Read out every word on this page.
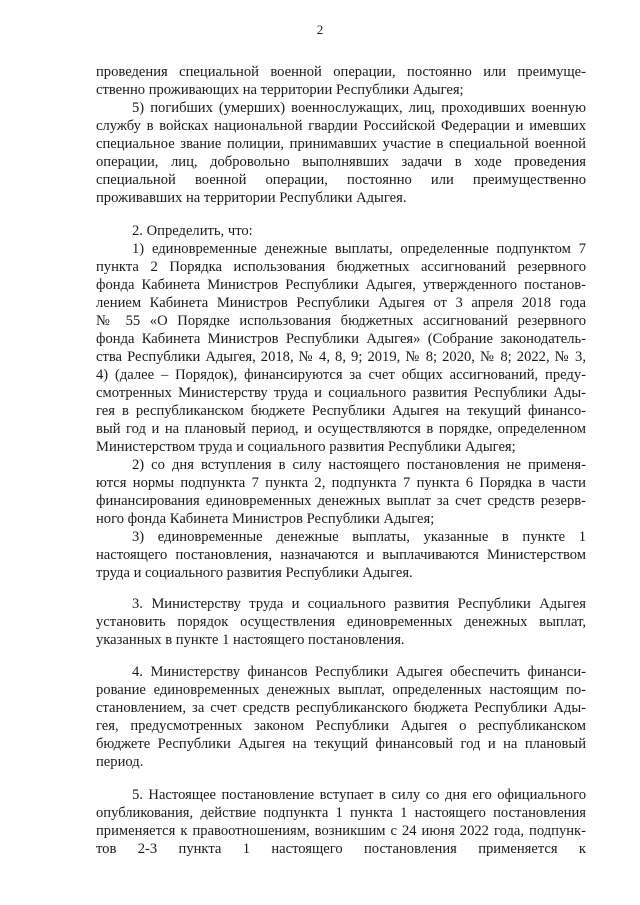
2
проведения специальной военной операции, постоянно или преимуще-
ственно проживающих на территории Республики Адыгея;
5) погибших (умерших) военнослужащих, лиц, проходивших военную
службу в войсках национальной гвардии Российской Федерации и имевших
специальное звание полиции, принимавших участие в специальной военной
операции, лиц, добровольно выполнявших задачи в ходе проведения
специальной военной операции, постоянно или преимущественно
проживавших на территории Республики Адыгея.
2. Определить, что:
1) единовременные денежные выплаты, определенные подпунктом 7
пункта 2 Порядка использования бюджетных ассигнований резервного
фонда Кабинета Министров Республики Адыгея, утвержденного постанов-
лением Кабинета Министров Республики Адыгея от 3 апреля 2018 года
№ 55 «О Порядке использования бюджетных ассигнований резервного
фонда Кабинета Министров Республики Адыгея» (Собрание законодатель-
ства Республики Адыгея, 2018, № 4, 8, 9; 2019, № 8; 2020, № 8; 2022, № 3,
4) (далее – Порядок), финансируются за счет общих ассигнований, преду-
смотренных Министерству труда и социального развития Республики Ады-
гея в республиканском бюджете Республики Адыгея на текущий финансо-
вый год и на плановый период, и осуществляются в порядке, определенном
Министерством труда и социального развития Республики Адыгея;
2) со дня вступления в силу настоящего постановления не применя-
ются нормы подпункта 7 пункта 2, подпункта 7 пункта 6 Порядка в части
финансирования единовременных денежных выплат за счет средств резерв-
ного фонда Кабинета Министров Республики Адыгея;
3) единовременные денежные выплаты, указанные в пункте 1
настоящего постановления, назначаются и выплачиваются Министерством
труда и социального развития Республики Адыгея.
3. Министерству труда и социального развития Республики Адыгея
установить порядок осуществления единовременных денежных выплат,
указанных в пункте 1 настоящего постановления.
4. Министерству финансов Республики Адыгея обеспечить финанси-
рование единовременных денежных выплат, определенных настоящим по-
становлением, за счет средств республиканского бюджета Республики Ады-
гея, предусмотренных законом Республики Адыгея о республиканском
бюджете Республики Адыгея на текущий финансовый год и на плановый
период.
5. Настоящее постановление вступает в силу со дня его официального
опубликования, действие подпункта 1 пункта 1 настоящего постановления
применяется к правоотношениям, возникшим с 24 июня 2022 года, подпунк-
тов 2-3 пункта 1 настоящего постановления применяется к
